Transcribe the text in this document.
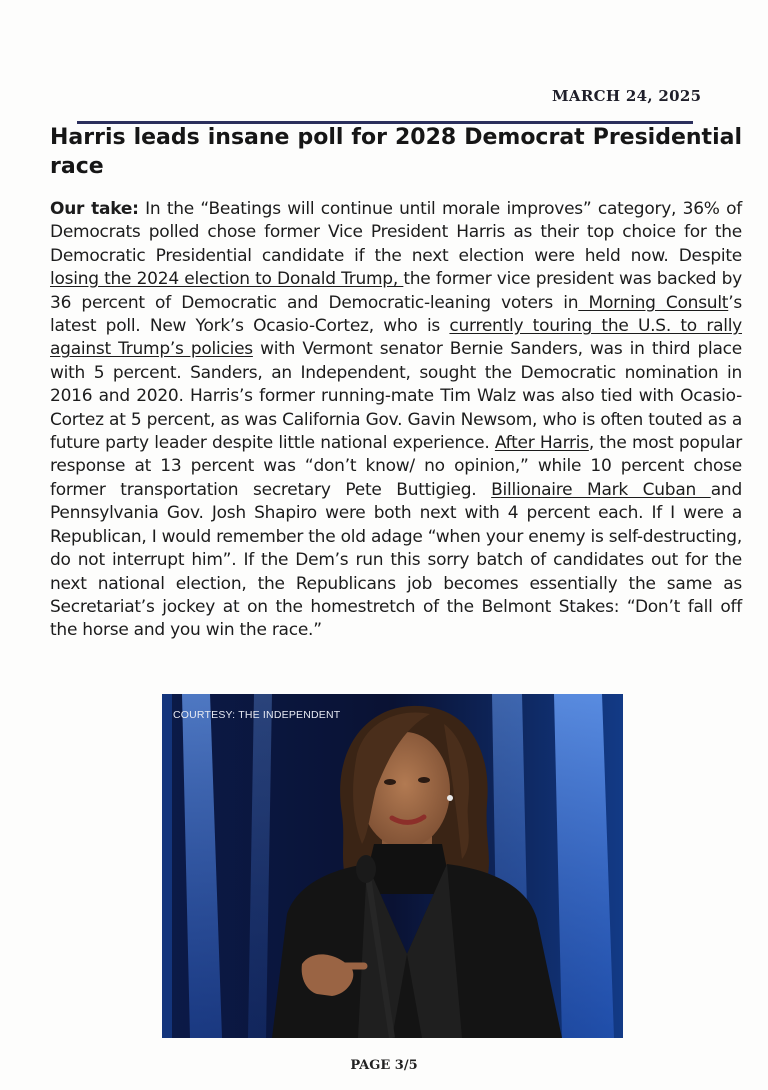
MARCH 24, 2025
Harris leads insane poll for 2028 Democrat Presidential race

Our take: In the “Beatings will continue until morale improves” category, 36% of Democrats polled chose former Vice President Harris as their top choice for the Democratic Presidential candidate if the next election were held now. Despite losing the 2024 election to Donald Trump, the former vice president was backed by 36 percent of Democratic and Democratic-leaning voters in Morning Consult’s latest poll. New York’s Ocasio-Cortez, who is currently touring the U.S. to rally against Trump’s policies with Vermont senator Bernie Sanders, was in third place with 5 percent. Sanders, an Independent, sought the Democratic nomination in 2016 and 2020. Harris’s former running-mate Tim Walz was also tied with Ocasio-Cortez at 5 percent, as was California Gov. Gavin Newsom, who is often touted as a future party leader despite little national experience. After Harris, the most popular response at 13 percent was “don’t know/ no opinion,” while 10 percent chose former transportation secretary Pete Buttigieg. Billionaire Mark Cuban and Pennsylvania Gov. Josh Shapiro were both next with 4 percent each. If I were a Republican, I would remember the old adage “when your enemy is self-destructing, do not interrupt him”. If the Dem’s run this sorry batch of candidates out for the next national election, the Republicans job becomes essentially the same as Secretariat’s jockey at on the homestretch of the Belmont Stakes: “Don’t fall off the horse and you win the race.”

COURTESY: THE INDEPENDENT
PAGE 3/5
